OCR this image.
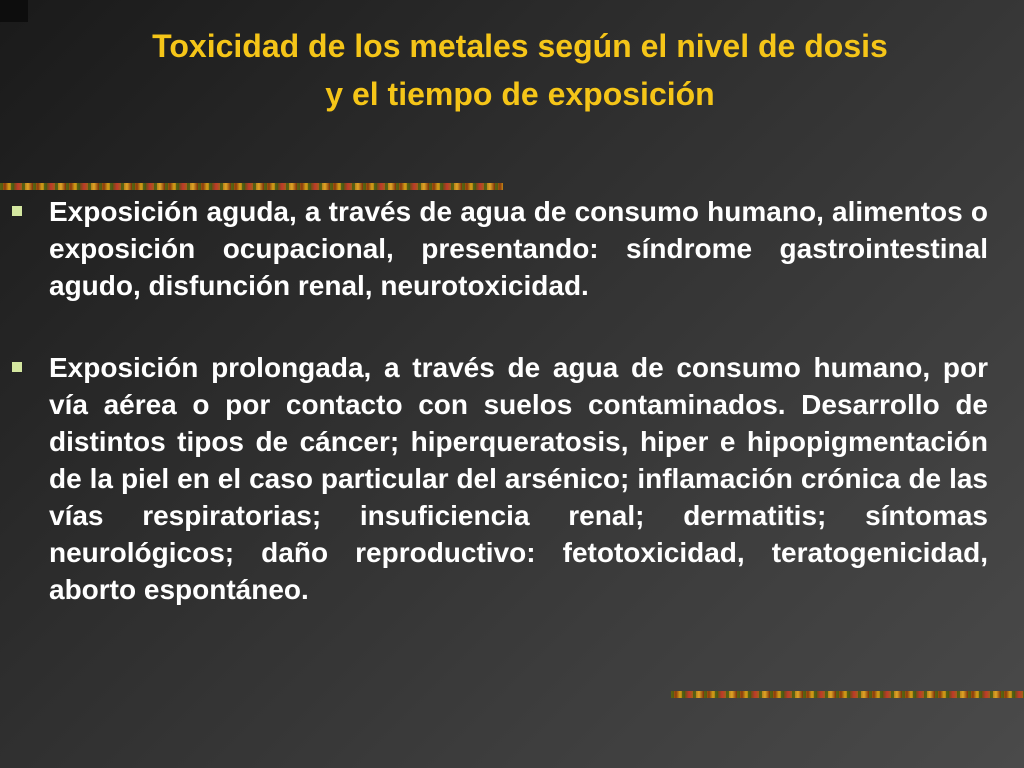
Toxicidad de los metales según el nivel de dosis
y el tiempo de exposición
Exposición aguda, a través de agua de consumo humano, alimentos o exposición ocupacional, presentando: síndrome gastrointestinal agudo, disfunción renal, neurotoxicidad.
Exposición prolongada, a través de agua de consumo humano, por vía aérea o por contacto con suelos contaminados. Desarrollo de distintos tipos de cáncer; hiperqueratosis, hiper e hipopigmentación de la piel en el caso particular del arsénico; inflamación crónica de las vías respiratorias; insuficiencia renal; dermatitis; síntomas neurológicos; daño reproductivo: fetotoxicidad, teratogenicidad, aborto espontáneo.
